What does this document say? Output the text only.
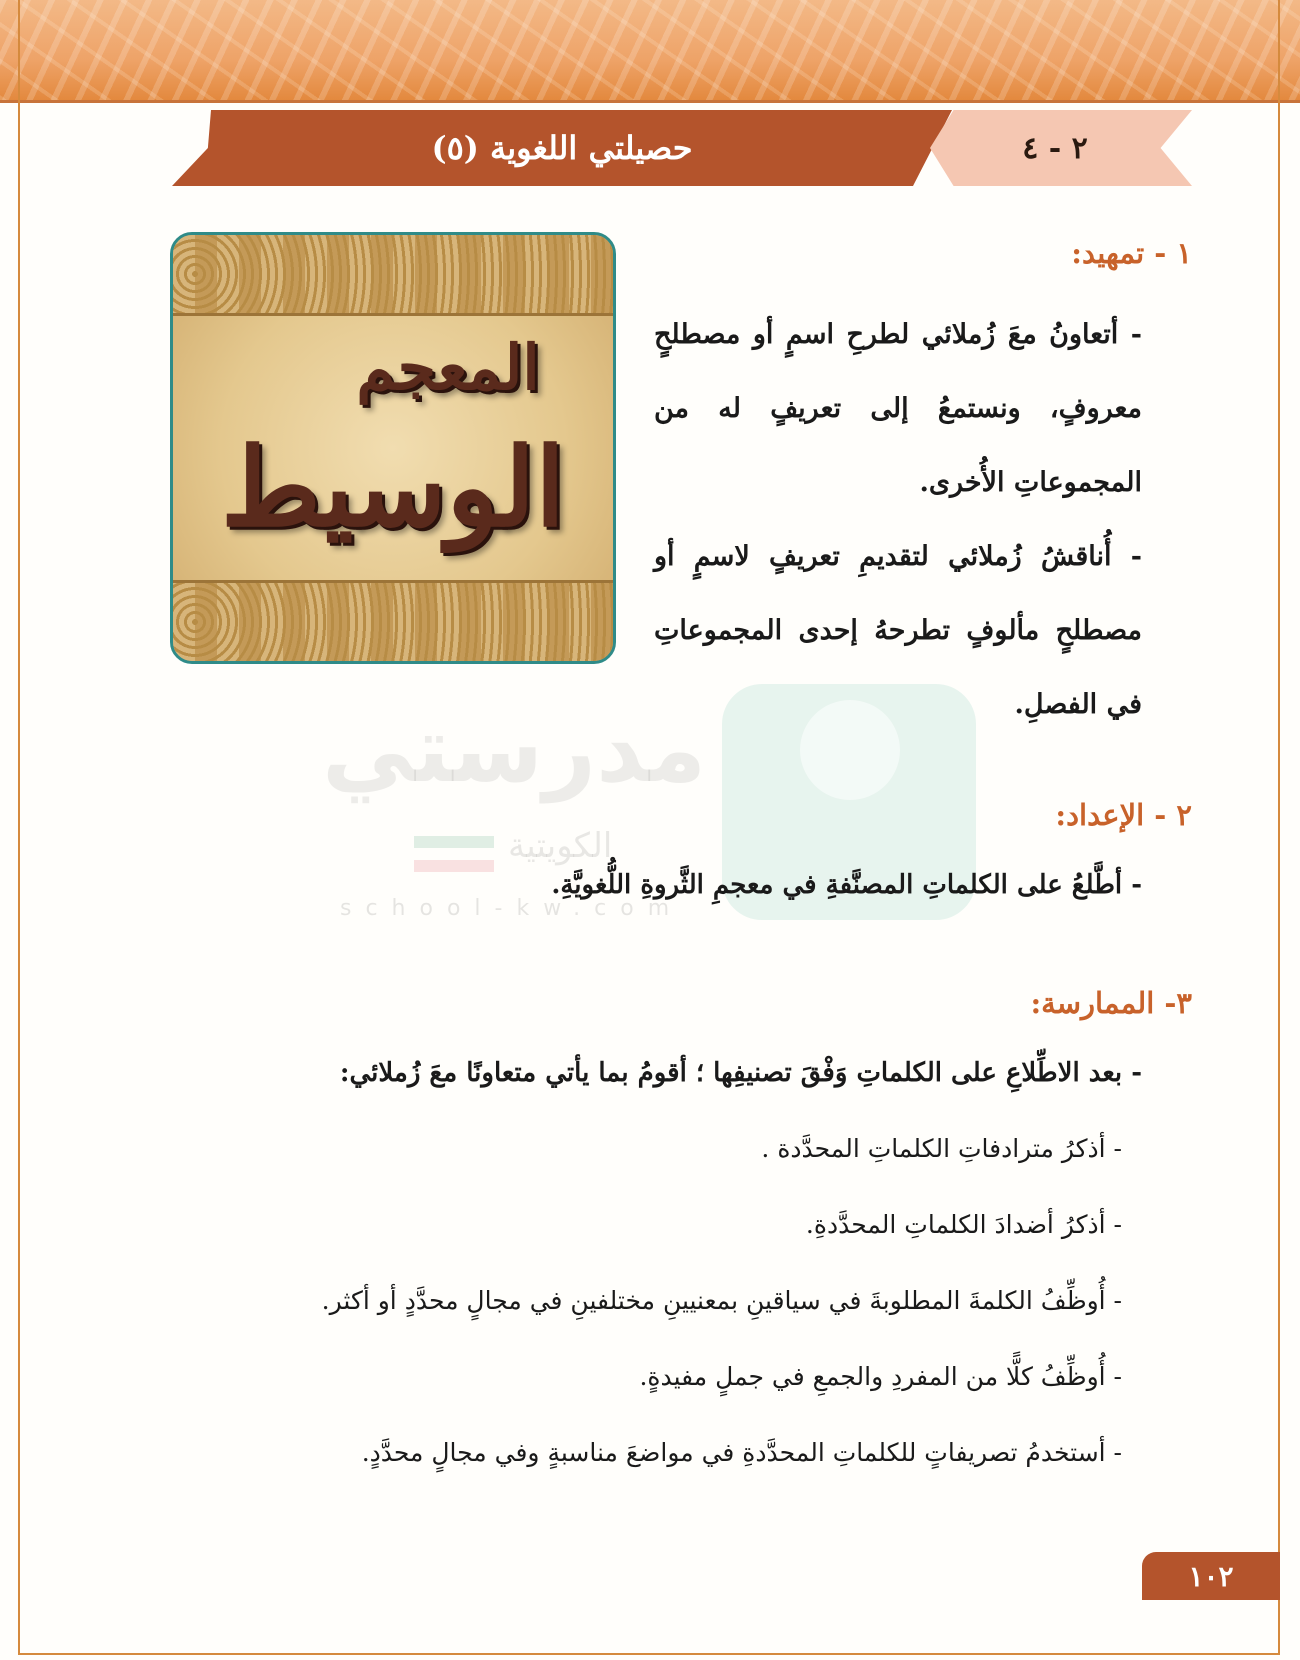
حصيلتي اللغوية (٥)	٢ - ٤
مدرستي
الكويتية
school-kw.com
١ - تمهيد:
المعجم
الوسيط
- أتعاونُ معَ زُملائي لطرحِ اسمٍ أو مصطلحٍ معروفٍ، ونستمعُ إلى تعريفٍ له من المجموعاتِ الأُخرى.
- أُناقشُ زُملائي لتقديمِ تعريفٍ لاسمٍ أو مصطلحٍ مألوفٍ تطرحهُ إحدى المجموعاتِ في الفصلِ.
٢ - الإعداد:
- أطَّلعُ على الكلماتِ المصنَّفةِ في معجمِ الثَّروةِ اللُّغويَّةِ.
٣- الممارسة:
- بعد الاطِّلاعِ على الكلماتِ وَفْقَ تصنيفِها ؛ أقومُ بما يأتي متعاونًا معَ زُملائي:
- أذكرُ مترادفاتِ الكلماتِ المحدَّدة .
- أذكرُ أضدادَ الكلماتِ المحدَّدةِ.
- أُوظِّفُ الكلمةَ المطلوبةَ في سياقينِ بمعنيينِ مختلفينِ في مجالٍ محدَّدٍ أو أكثر.
- أُوظِّفُ كلًّا من المفردِ والجمعِ في جملٍ مفيدةٍ.
- أستخدمُ تصريفاتٍ للكلماتِ المحدَّدةِ في مواضعَ مناسبةٍ وفي مجالٍ محدَّدٍ.
١٠٢
